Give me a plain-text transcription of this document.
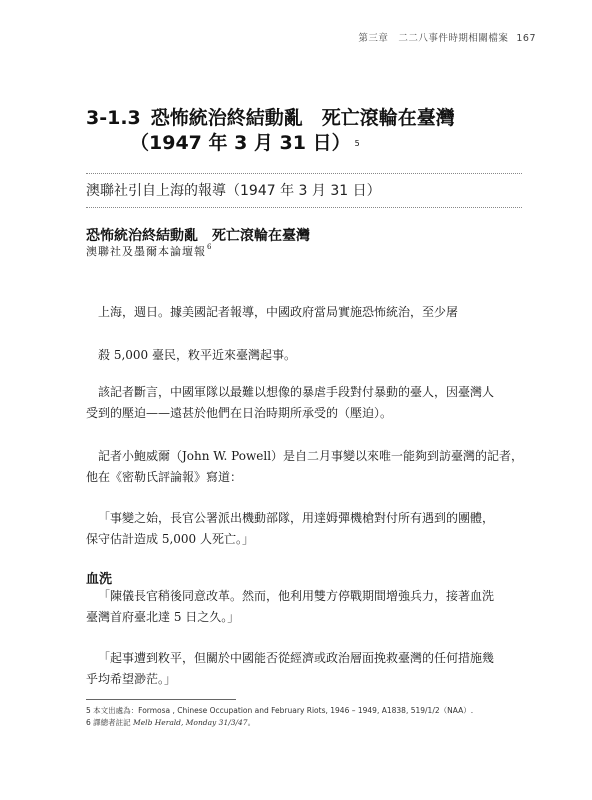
第三章　二二八事件時期相關檔案 167
3-1.3 恐怖統治終結動亂　死亡滾輪在臺灣
（1947 年 3 月 31 日） $^5$
澳聯社引自上海的報導（1947 年 3 月 31 日）
恐怖統治終結動亂　死亡滾輪在臺灣
澳聯社及墨爾本論壇報$^6$
上海，週日。據美國記者報導，中國政府當局實施恐怖統治，至少屠
殺 5,000 臺民，敉平近來臺灣起事。
該記者斷言，中國軍隊以最難以想像的暴虐手段對付暴動的臺人，因臺灣人
受到的壓迫——遠甚於他們在日治時期所承受的（壓迫）。
記者小鮑威爾（John W. Powell）是自二月事變以來唯一能夠到訪臺灣的記者，
他在《密勒氏評論報》寫道：
「事變之始，長官公署派出機動部隊，用達姆彈機槍對付所有遇到的團體，
保守估計造成 5,000 人死亡。」
血洗
「陳儀長官稍後同意改革。然而，他利用雙方停戰期間增強兵力，接著血洗
臺灣首府臺北達 5 日之久。」
「起事遭到敉平，但關於中國能否從經濟或政治層面挽救臺灣的任何措施幾
乎均希望渺茫。」
5 本文出處為：Formosa , Chinese Occupation and February Riots, 1946 – 1949, A1838, 519/1/2（NAA）.
6 譯總者註記 Melb Herald, Monday 31/3/47。
